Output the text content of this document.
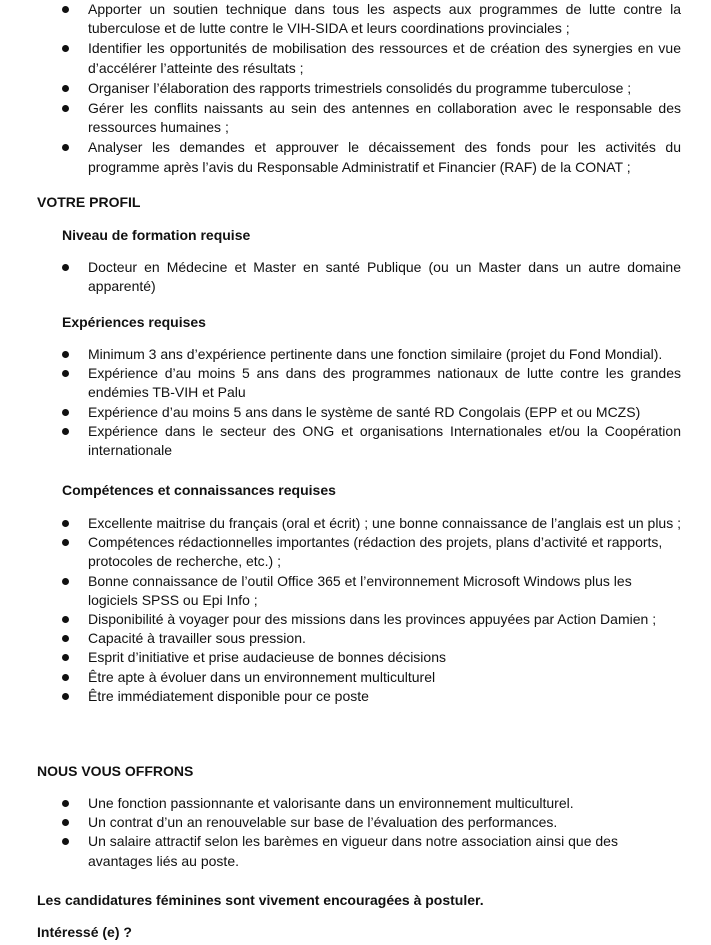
Apporter un soutien technique dans tous les aspects aux programmes de lutte contre la tuberculose et de lutte contre le VIH-SIDA et leurs coordinations provinciales ;
Identifier les opportunités de mobilisation des ressources et de création des synergies en vue d’accélérer l’atteinte des résultats ;
Organiser l’élaboration des rapports trimestriels consolidés du programme tuberculose ;
Gérer les conflits naissants au sein des antennes en collaboration avec le responsable des ressources humaines ;
Analyser les demandes et approuver le décaissement des fonds pour les activités du programme après l’avis du Responsable Administratif et Financier (RAF) de la CONAT ;
VOTRE PROFIL
Niveau de formation requise
Docteur en Médecine et Master en santé Publique (ou un Master dans un autre domaine apparenté)
Expériences requises
Minimum 3 ans d’expérience pertinente dans une fonction similaire (projet du Fond Mondial).
Expérience d’au moins 5 ans dans des programmes nationaux de lutte contre les grandes endémies TB-VIH et Palu
Expérience d’au moins 5 ans dans le système de santé RD Congolais (EPP et ou MCZS)
Expérience dans le secteur des ONG et organisations Internationales et/ou la Coopération internationale
Compétences et connaissances requises
Excellente maitrise du français (oral et écrit) ; une bonne connaissance de l’anglais est un plus ;
Compétences rédactionnelles importantes (rédaction des projets, plans d’activité et rapports, protocoles de recherche, etc.) ;
Bonne connaissance de l’outil Office 365 et l’environnement Microsoft Windows plus les logiciels SPSS ou Epi Info ;
Disponibilité à voyager pour des missions dans les provinces appuyées par Action Damien ;
Capacité à travailler sous pression.
Esprit d’initiative et prise audacieuse de bonnes décisions
Être apte à évoluer dans un environnement multiculturel
Être immédiatement disponible pour ce poste
NOUS VOUS OFFRONS
Une fonction passionnante et valorisante dans un environnement multiculturel.
Un contrat d’un an renouvelable sur base de l’évaluation des performances.
Un salaire attractif selon les barèmes en vigueur dans notre association ainsi que des avantages liés au poste.
Les candidatures féminines sont vivement encouragées à postuler.
Intéressé (e) ?
